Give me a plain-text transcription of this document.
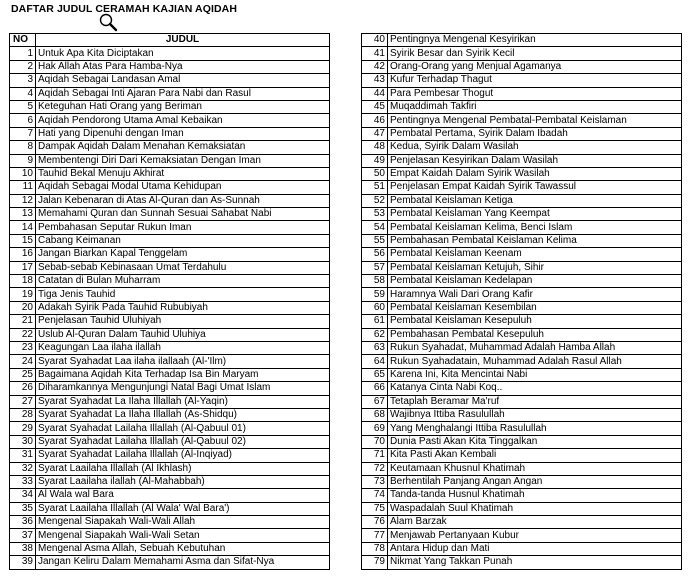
DAFTAR JUDUL CERAMAH KAJIAN AQIDAH
NO	JUDUL
1	Untuk Apa Kita Diciptakan
2	Hak Allah Atas Para Hamba-Nya
3	Aqidah Sebagai Landasan Amal
4	Aqidah Sebagai Inti Ajaran Para Nabi dan Rasul
5	Keteguhan Hati Orang yang Beriman
6	Aqidah Pendorong Utama Amal Kebaikan
7	Hati yang Dipenuhi dengan Iman
8	Dampak Aqidah Dalam Menahan Kemaksiatan
9	Membentengi Diri Dari Kemaksiatan Dengan Iman
10	Tauhid Bekal Menuju Akhirat
11	Aqidah Sebagai Modal Utama Kehidupan
12	Jalan Kebenaran di Atas Al-Quran dan As-Sunnah
13	Memahami Quran dan Sunnah Sesuai Sahabat Nabi
14	Pembahasan Seputar Rukun Iman
15	Cabang Keimanan
16	Jangan Biarkan Kapal Tenggelam
17	Sebab-sebab Kebinasaan Umat Terdahulu
18	Catatan di Bulan Muharram
19	Tiga Jenis Tauhid
20	Adakah Syirik Pada Tauhid Rububiyah
21	Penjelasan Tauhid Uluhiyah
22	Uslub Al-Quran Dalam Tauhid Uluhiya
23	Keagungan Laa ilaha ilallah
24	Syarat Syahadat Laa ilaha ilallaah (Al-'Ilm)
25	Bagaimana Aqidah Kita Terhadap Isa Bin Maryam
26	Diharamkannya Mengunjungi Natal Bagi Umat Islam
27	Syarat Syahadat La Ilaha Illallah (Al-Yaqin)
28	Syarat Syahadat La Ilaha Illallah (As-Shidqu)
29	Syarat Syahadat Lailaha Illallah (Al-Qabuul 01)
30	Syarat Syahadat Lailaha Illallah (Al-Qabuul 02)
31	Syarat Syahadat Lailaha Illallah (Al-Inqiyad)
32	Syarat Laailaha Illallah (Al Ikhlash)
33	Syarat Laailaha ilallah (Al-Mahabbah)
34	Al Wala wal Bara
35	Syarat Laailaha Illallah (Al Wala' Wal Bara')
36	Mengenal Siapakah Wali-Wali Allah
37	Mengenal Siapakah Wali-Wali Setan
38	Mengenal Asma Allah, Sebuah Kebutuhan
39	Jangan Keliru Dalam Memahami Asma dan Sifat-Nya
40	Pentingnya Mengenal Kesyirikan
41	Syirik Besar dan Syirik Kecil
42	Orang-Orang yang Menjual Agamanya
43	Kufur Terhadap Thagut
44	Para Pembesar Thogut
45	Muqaddimah Takfiri
46	Pentingnya Mengenal Pembatal-Pembatal Keislaman
47	Pembatal Pertama, Syirik Dalam Ibadah
48	Kedua, Syirik Dalam Wasilah
49	Penjelasan Kesyirikan Dalam Wasilah
50	Empat Kaidah Dalam Syirik Wasilah
51	Penjelasan Empat Kaidah Syirik Tawassul
52	Pembatal Keislaman Ketiga
53	Pembatal Keislaman Yang Keempat
54	Pembatal Keislaman Kelima, Benci Islam
55	Pembahasan Pembatal Keislaman Kelima
56	Pembatal Keislaman Keenam
57	Pembatal Keislaman Ketujuh, Sihir
58	Pembatal Keislaman Kedelapan
59	Haramnya Wali Dari Orang Kafir
60	Pembatal Keislaman Kesembilan
61	Pembatal Keislaman Kesepuluh
62	Pembahasan Pembatal Kesepuluh
63	Rukun Syahadat, Muhammad Adalah Hamba Allah
64	Rukun Syahadatain, Muhammad Adalah Rasul Allah
65	Karena Ini, Kita Mencintai Nabi
66	Katanya Cinta Nabi Koq..
67	Tetaplah Beramar Ma'ruf
68	Wajibnya Ittiba Rasulullah
69	Yang Menghalangi Ittiba Rasulullah
70	Dunia Pasti Akan Kita Tinggalkan
71	Kita Pasti Akan Kembali
72	Keutamaan Khusnul Khatimah
73	Berhentilah Panjang Angan Angan
74	Tanda-tanda Husnul Khatimah
75	Waspadalah Suul Khatimah
76	Alam Barzak
77	Menjawab Pertanyaan Kubur
78	Antara Hidup dan Mati
79	Nikmat Yang Takkan Punah
